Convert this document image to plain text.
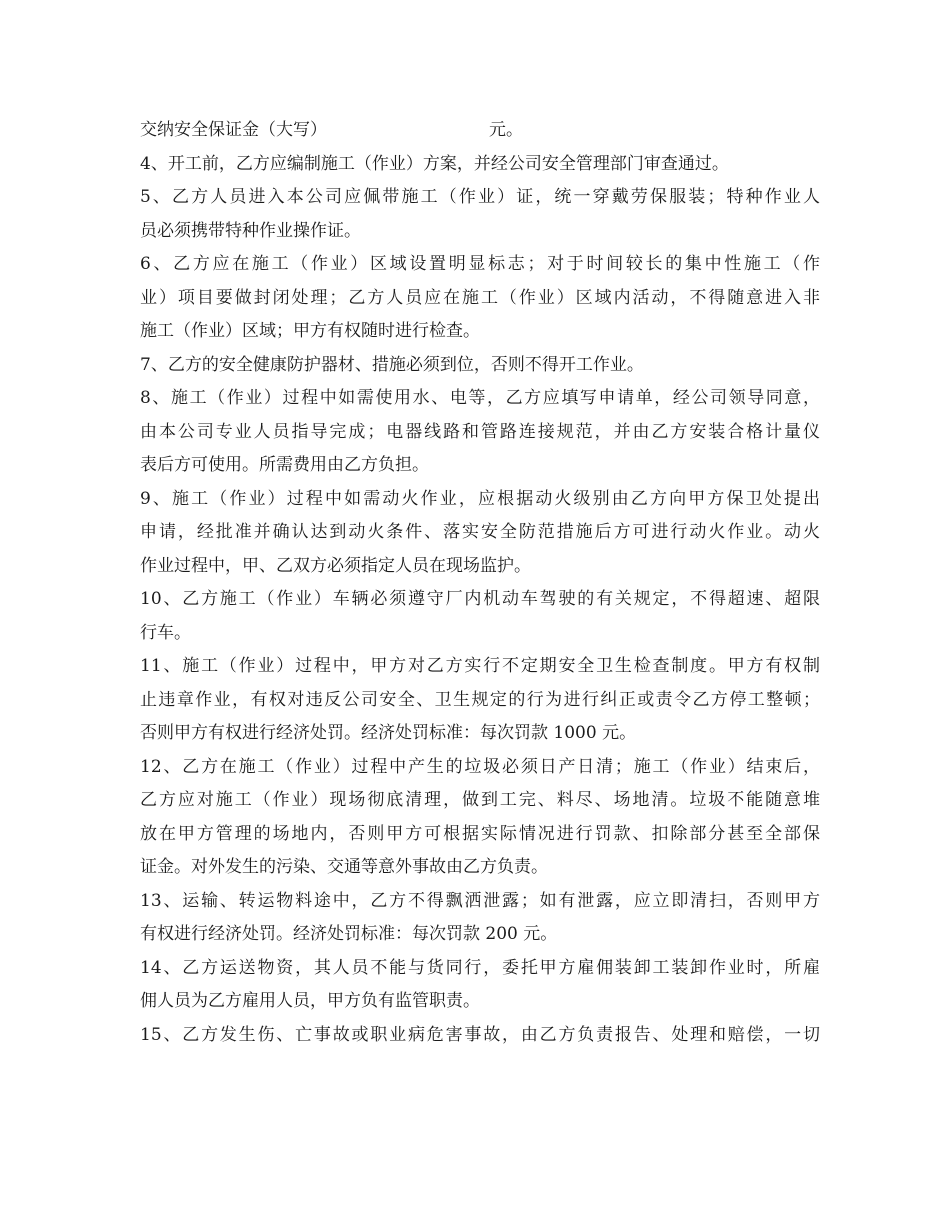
交纳安全保证金（大写）	元。
4、开工前，乙方应编制施工（作业）方案，并经公司安全管理部门审查通过。
5、乙方人员进入本公司应佩带施工（作业）证，统一穿戴劳保服装；特种作业人
员必须携带特种作业操作证。
6、乙方应在施工（作业）区域设置明显标志；对于时间较长的集中性施工（作
业）项目要做封闭处理；乙方人员应在施工（作业）区域内活动，不得随意进入非
施工（作业）区域；甲方有权随时进行检查。
7、乙方的安全健康防护器材、措施必须到位，否则不得开工作业。
8、施工（作业）过程中如需使用水、电等，乙方应填写申请单，经公司领导同意，
由本公司专业人员指导完成；电器线路和管路连接规范，并由乙方安装合格计量仪
表后方可使用。所需费用由乙方负担。
9、施工（作业）过程中如需动火作业，应根据动火级别由乙方向甲方保卫处提出
申请，经批准并确认达到动火条件、落实安全防范措施后方可进行动火作业。动火
作业过程中，甲、乙双方必须指定人员在现场监护。
10、乙方施工（作业）车辆必须遵守厂内机动车驾驶的有关规定，不得超速、超限
行车。
11、施工（作业）过程中，甲方对乙方实行不定期安全卫生检查制度。甲方有权制
止违章作业，有权对违反公司安全、卫生规定的行为进行纠正或责令乙方停工整顿；
否则甲方有权进行经济处罚。经济处罚标准：每次罚款 1000 元。
12、乙方在施工（作业）过程中产生的垃圾必须日产日清；施工（作业）结束后，
乙方应对施工（作业）现场彻底清理，做到工完、料尽、场地清。垃圾不能随意堆
放在甲方管理的场地内，否则甲方可根据实际情况进行罚款、扣除部分甚至全部保
证金。对外发生的污染、交通等意外事故由乙方负责。
13、运输、转运物料途中，乙方不得飘洒泄露；如有泄露，应立即清扫，否则甲方
有权进行经济处罚。经济处罚标准：每次罚款 200 元。
14、乙方运送物资，其人员不能与货同行，委托甲方雇佣装卸工装卸作业时，所雇
佣人员为乙方雇用人员，甲方负有监管职责。
15、乙方发生伤、亡事故或职业病危害事故，由乙方负责报告、处理和赔偿，一切
